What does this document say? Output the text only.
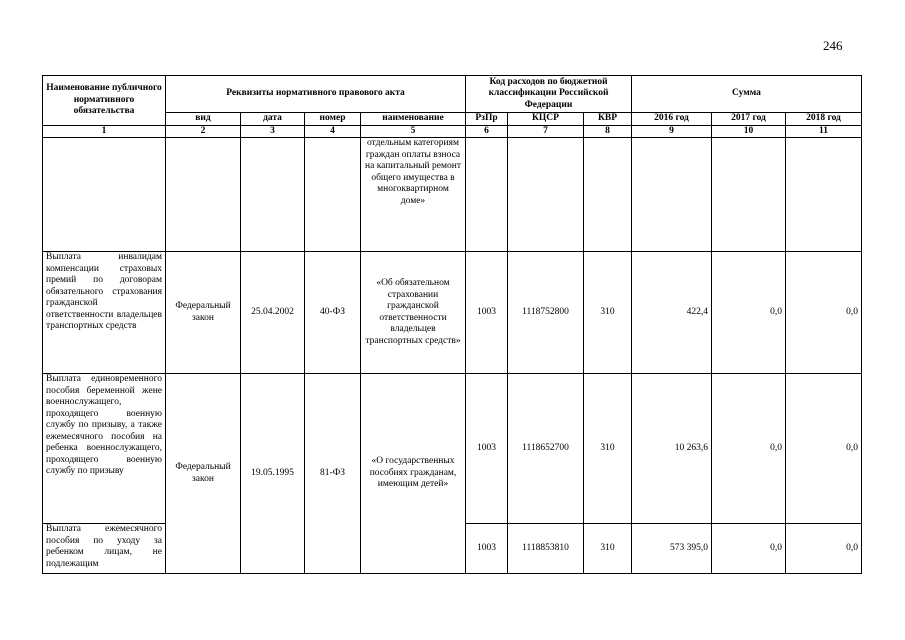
246
Наименование публичного нормативного обязательства	Реквизиты нормативного правового акта				Код расходов по бюджетной классификации Российской Федерации			Сумма		
	вид	дата	номер	наименование	РзПр	КЦСР	КВР	2016 год	2017 год	2018 год
1	2	3	4	5	6	7	8	9	10	11
				отдельным категориям граждан оплаты взноса на капитальный ремонт общего имущества в многоквартирном доме»						
Выплата инвалидам компенсации страховых премий по договорам обязательного страхования гражданской ответственности владельцев транспортных средств	Федеральный закон	25.04.2002	40-ФЗ	«Об обязательном страховании гражданской ответственности владельцев транспортных средств»	1003	1118752800	310	422,4	0,0	0,0
Выплата единовременного пособия беременной жене военнослужащего, проходящего военную службу по призыву, а также ежемесячного пособия на ребенка военнослужащего, проходящего военную службу по призыву	Федеральный закон	19.05.1995	81-ФЗ	«О государственных пособиях гражданам, имеющим детей»	1003	1118652700	310	10 263,6	0,0	0,0
Выплата ежемесячного пособия по уходу за ребенком лицам, не подлежащим					1003	1118853810	310	573 395,0	0,0	0,0
